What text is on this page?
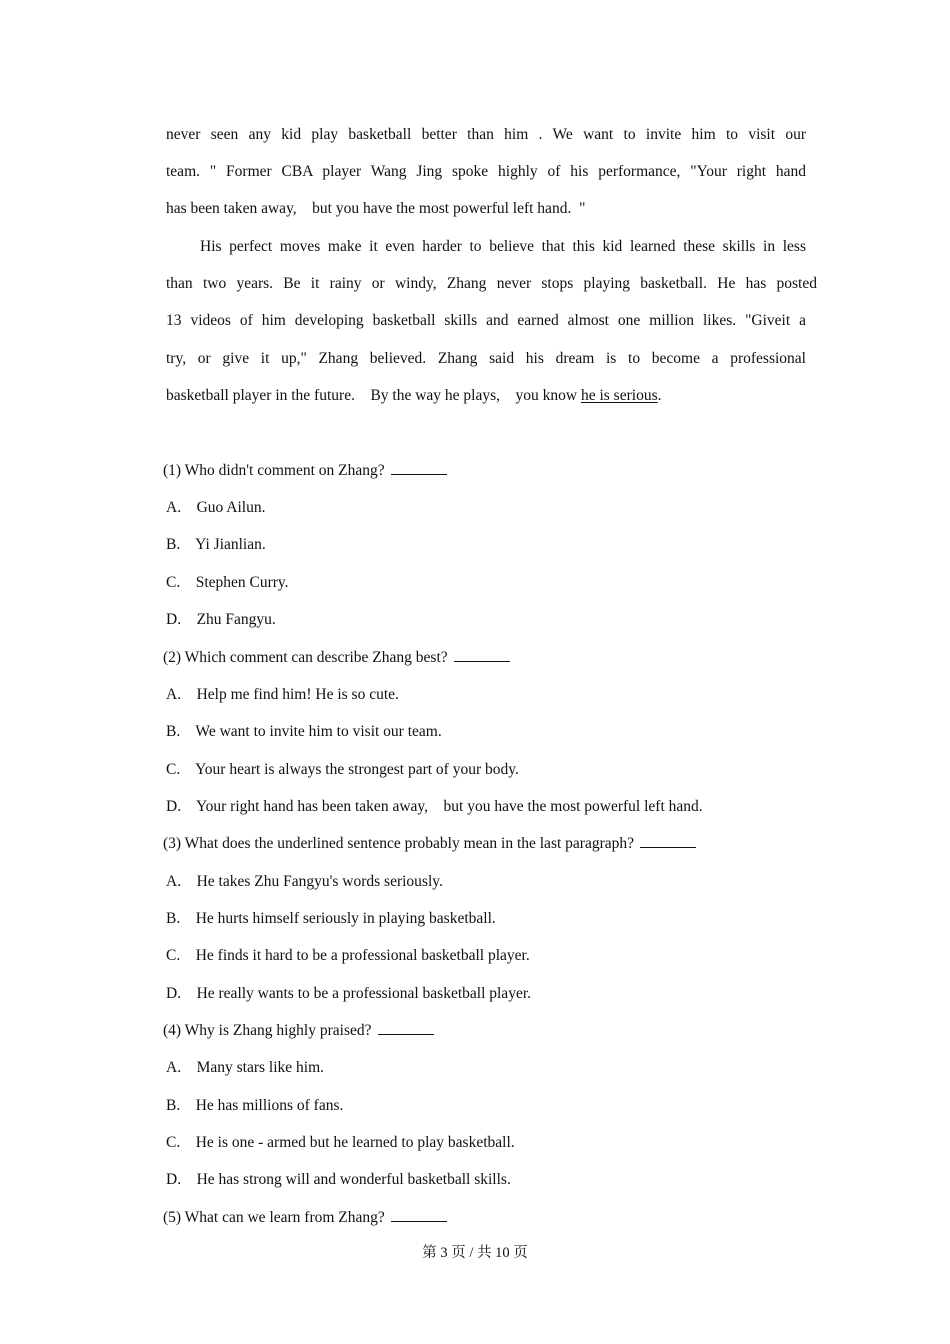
never seen any kid play basketball better than him . We want to invite him to visit our
team. " Former CBA player Wang Jing spoke highly of his performance, "Your right hand
has been taken away,    but you have the most powerful left hand.  "
His perfect moves make it even harder to believe that this kid learned these skills in less
than two years. Be it rainy or windy, Zhang never stops playing basketball. He has posted
13 videos of him developing basketball skills and earned almost one million likes. "Giveit a
try, or give it up," Zhang believed. Zhang said his dream is to become a professional
basketball player in the future.    By the way he plays,    you know he is serious.
(1) Who didn't comment on Zhang?
A.    Guo Ailun.
B.    Yi Jianlian.
C.    Stephen Curry.
D.    Zhu Fangyu.
(2) Which comment can describe Zhang best?
A.    Help me find him! He is so cute.
B.    We want to invite him to visit our team.
C.    Your heart is always the strongest part of your body.
D.    Your right hand has been taken away,    but you have the most powerful left hand.
(3) What does the underlined sentence probably mean in the last paragraph?
A.    He takes Zhu Fangyu's words seriously.
B.    He hurts himself seriously in playing basketball.
C.    He finds it hard to be a professional basketball player.
D.    He really wants to be a professional basketball player.
(4) Why is Zhang highly praised?
A.    Many stars like him.
B.    He has millions of fans.
C.    He is one - armed but he learned to play basketball.
D.    He has strong will and wonderful basketball skills.
(5) What can we learn from Zhang?
第 3 页 / 共 10 页
